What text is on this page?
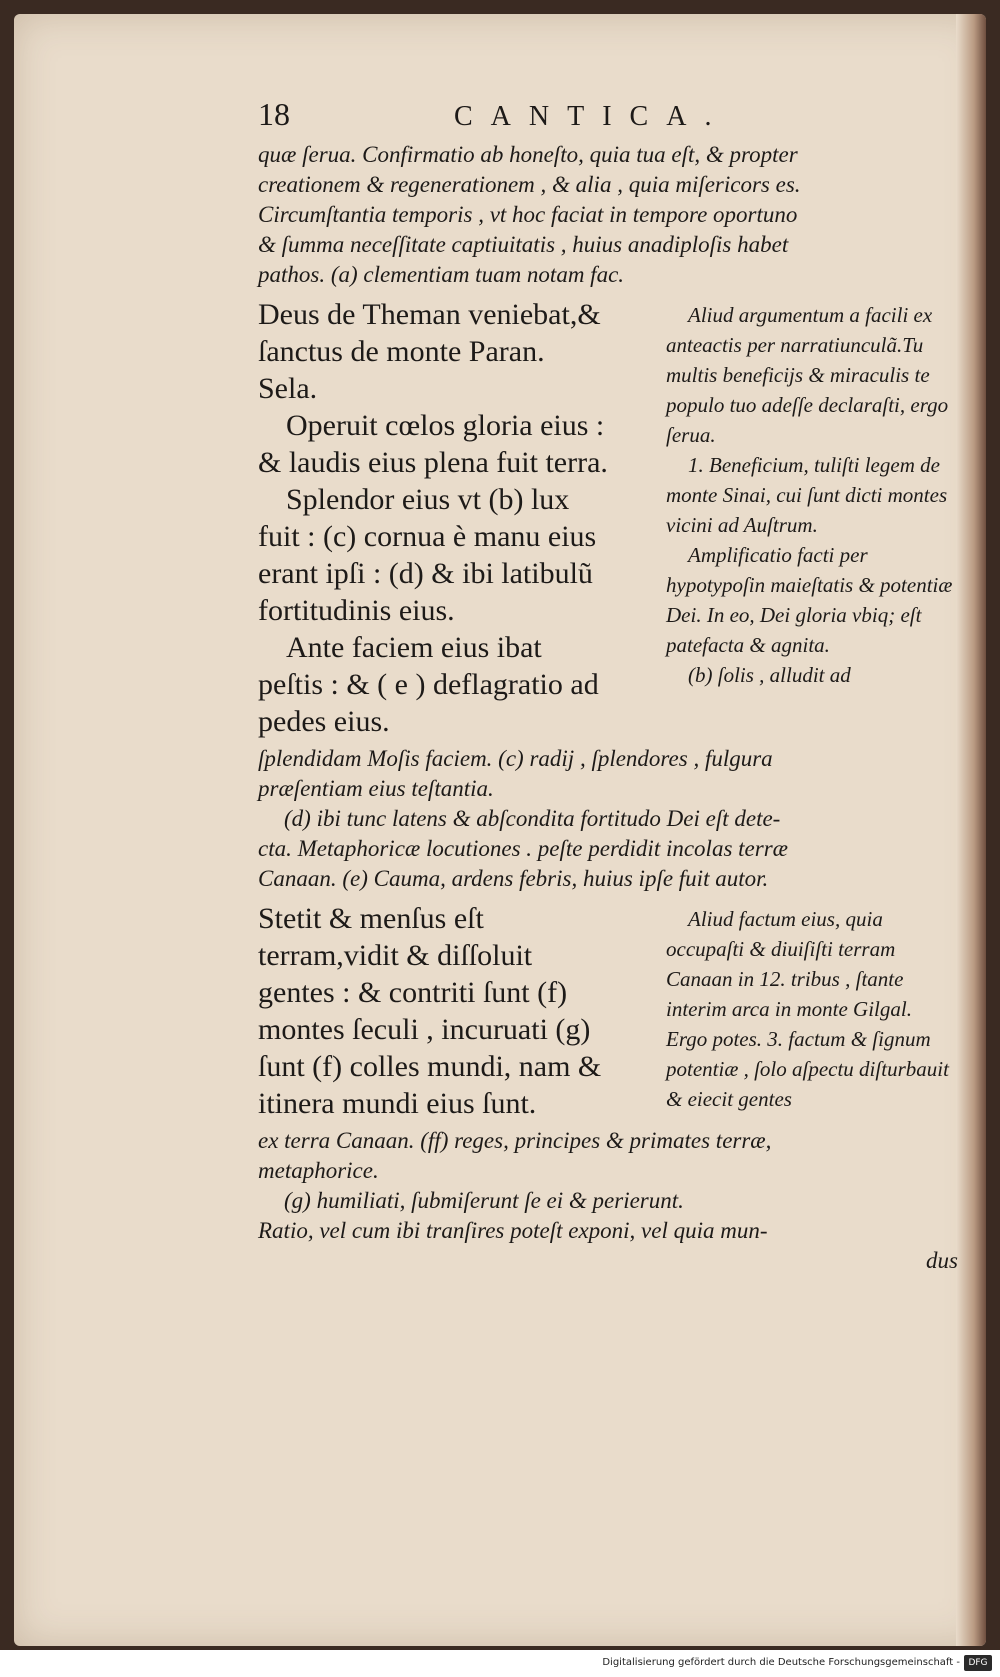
18	CANTICA.

quæ ſerua. Confirmatio ab honeſto, quia tua eſt, & propter

creationem & regenerationem , & alia , quia miſericors es.

Circumſtantia temporis , vt hoc faciat in tempore oportuno

& ſumma neceſſitate captiuitatis , huius anadiploſis habet

pathos. (a) clementiam tuam notam fac.

Deus de Theman veniebat,& ſanctus de monte Paran. Sela.

Operuit cœlos gloria eius : & laudis eius plena fuit terra.

Splendor eius vt (b) lux fuit : (c) cornua è manu eius erant ipſi : (d) & ibi latibulũ fortitudinis eius.

Ante faciem eius ibat peſtis : & ( e ) deflagratio ad pedes eius.

Aliud argumentum a facili ex anteactis per narratiunculã.Tu multis beneficijs & miraculis te populo tuo adeſſe declaraſti, ergo ſerua.

1. Beneficium, tuliſti legem de monte Sinai, cui ſunt dicti montes vicini ad Auſtrum.

Amplificatio facti per hypotypoſin maieſtatis & potentiæ Dei. In eo, Dei gloria vbiq; eſt patefacta & agnita.

(b) ſolis , alludit ad

ſplendidam Moſis faciem. (c) radij , ſplendores , fulgura

præſentiam eius teſtantia.

(d) ibi tunc latens & abſcondita fortitudo Dei eſt dete-

cta. Metaphoricæ locutiones . peſte perdidit incolas terræ

Canaan. (e) Cauma, ardens febris, huius ipſe fuit autor.

Stetit & menſus eſt terram,vidit & diſſoluit gentes : & contriti ſunt (f) montes ſeculi , incuruati (g) ſunt (f) colles mundi, nam & itinera mundi eius ſunt.

Aliud factum eius, quia occupaſti & diuiſiſti terram Canaan in 12. tribus , ſtante interim arca in monte Gilgal. Ergo potes. 3. factum & ſignum potentiæ , ſolo aſpectu diſturbauit & eiecit gentes

ex terra Canaan. (ff) reges, principes & primates terræ,

metaphorice.

(g) humiliati, ſubmiſerunt ſe ei & perierunt.

Ratio, vel cum ibi tranſires poteſt exponi, vel quia mun-

dus

Digitalisierung gefördert durch die Deutsche Forschungsgemeinschaft - DFG
